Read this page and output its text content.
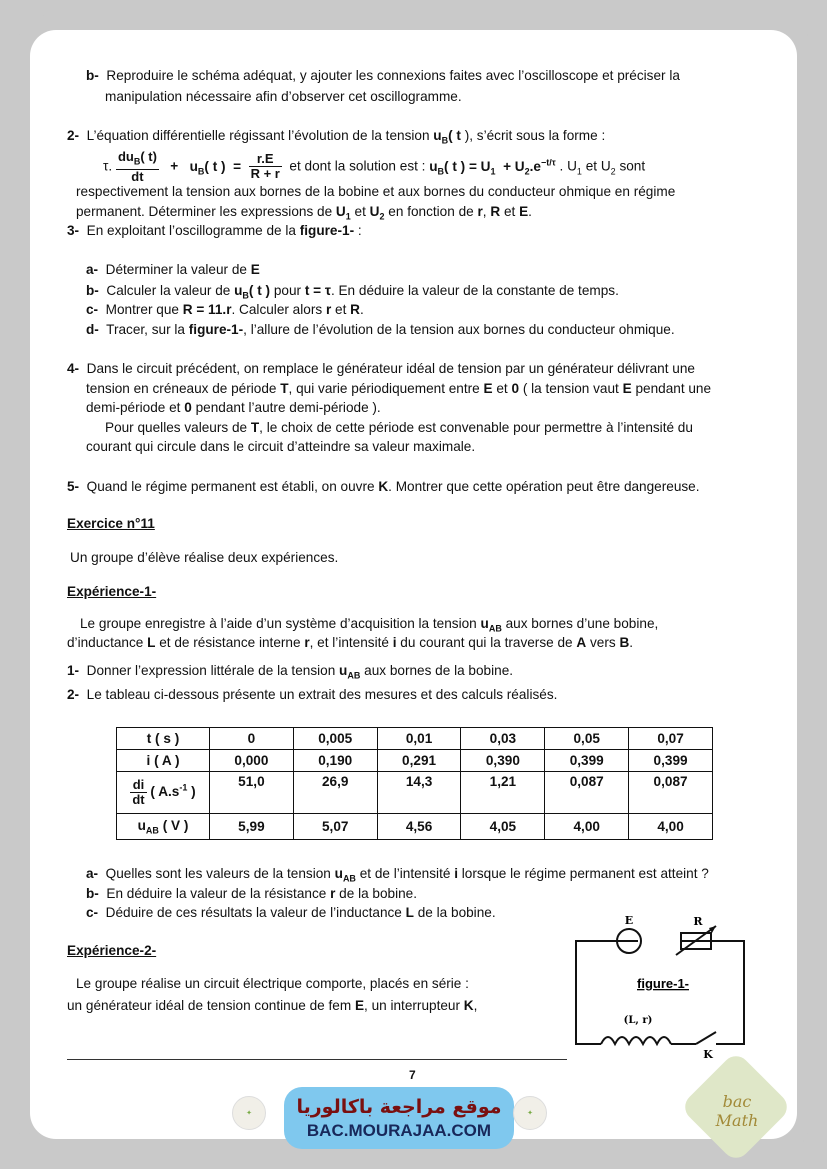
b- Reproduire le schéma adéquat, y ajouter les connexions faites avec l’oscilloscope et préciser la
manipulation nécessaire afin d’observer cet oscillogramme.
2- L’équation différentielle régissant l’évolution de la tension $u_B$( t ), s’écrit sous la forme :
τ. $\frac{du_B( t)}{dt} + u_B$( t )  = $\frac{r.E}{R + r}$ et dont la solution est : $u_B$( t ) = $U_1 + U_2.e^{-t/\tau}$ . $U_1$ et $U_2$ sont
respectivement la tension aux bornes de la bobine et aux bornes du conducteur ohmique en régime
permanent. Déterminer les expressions de $U_1$ et $U_2$ en fonction de r, R et E.
3- En exploitant l’oscillogramme de la figure-1- :
a- Déterminer la valeur de E
b- Calculer la valeur de $u_B$( t ) pour t = τ. En déduire la valeur de la constante de temps.
c- Montrer que R = 11.r. Calculer alors r et R.
d- Tracer, sur la figure-1-, l’allure de l’évolution de la tension aux bornes du conducteur ohmique.
4- Dans le circuit précédent, on remplace le générateur idéal de tension par un générateur délivrant une
tension en créneaux de période T, qui varie périodiquement entre E et 0 ( la tension vaut E pendant une
demi-période et 0 pendant l’autre demi-période ).
Pour quelles valeurs de T, le choix de cette période est convenable pour permettre à l’intensité du
courant qui circule dans le circuit d’atteindre sa valeur maximale.
5- Quand le régime permanent est établi, on ouvre K. Montrer que cette opération peut être dangereuse.
Exercice n°11
Un groupe d’élève réalise deux expériences.
Expérience-1-
Le groupe enregistre à l’aide d’un système d’acquisition la tension $u_{AB}$ aux bornes d’une bobine,
d’inductance L et de résistance interne r, et l’intensité i du courant qui la traverse de A vers B.
1- Donner l’expression littérale de la tension $u_{AB}$ aux bornes de la bobine.
2- Le tableau ci-dessous présente un extrait des mesures et des calculs réalisés.
t ( s )	0	0,005	0,01	0,03	0,05	0,07
i ( A )	0,000	0,190	0,291	0,390	0,399	0,399

$\frac{di}{dt}$ ( $A.s^{-1}$ )	51,0	26,9	14,3	1,21	0,087	0,087
$u_{AB}$ ( V )	5,99	5,07	4,56	4,05	4,00	4,00
a- Quelles sont les valeurs de la tension $u_{AB}$ et de l’intensité i lorsque le régime permanent est atteint ?
b- En déduire la valeur de la résistance r de la bobine.
c- Déduire de ces résultats la valeur de l’inductance L de la bobine.
Expérience-2-
Le groupe réalise un circuit électrique comporte, placés en série :
un générateur idéal de tension continue de fem E, un interrupteur K,
E	R
(L, r)
K
figure-1-
7
✦	موقع مراجعة باكالوريا
BAC.MOURAJAA.COM
✦
bac Math
